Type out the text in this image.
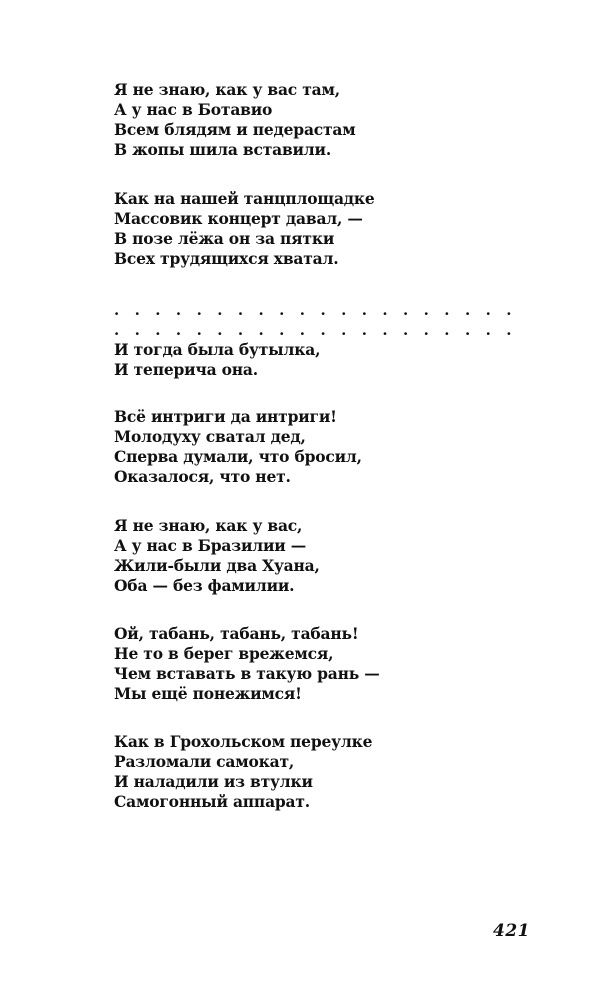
Я не знаю, как у вас там,
А у нас в Ботавио
Всем блядям и педерастам
В жопы шила вставили.
Как на нашей танцплощадке
Массовик концерт давал, —
В позе лёжа он за пятки
Всех трудящихся хватал.
. . . . . . . . . . . . . . . . . . . .
. . . . . . . . . . . . . . . . . . . .
И тогда была бутылка,
И теперича она.
Всё интриги да интриги!
Молодуху сватал дед,
Сперва думали, что бросил,
Оказалося, что нет.
Я не знаю, как у вас,
А у нас в Бразилии —
Жили-были два Хуана,
Оба — без фамилии.
Ой, табань, табань, табань!
Не то в берег врежемся,
Чем вставать в такую рань —
Мы ещё понежимся!
Как в Грохольском переулке
Разломали самокат,
И наладили из втулки
Самогонный аппарат.
421
